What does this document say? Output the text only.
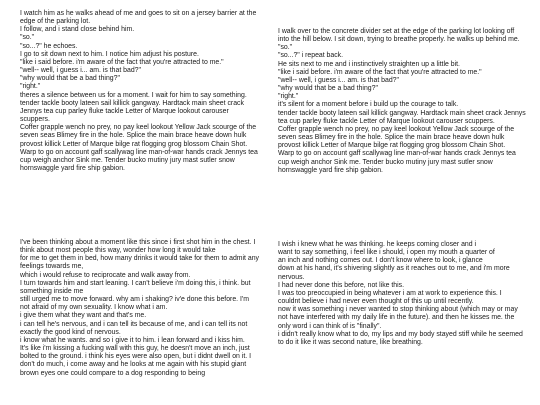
I watch him as he walks ahead of me and goes to sit on a jersey barrier at the edge of the parking lot.

I follow, and i stand close behind him.

"so."

"so...?" he echoes.

I go to sit down next to him. I notice him adjust his posture.

"like i said before. i'm aware of the fact that you're attracted to me."

"well-- well, i guess i... am. is that bad?"

"why would that be a bad thing?"

"right."

theres a silence between us for a moment. I wait for him to say something.

tender tackle booty lateen sail killick gangway. Hardtack main sheet crack Jennys tea cup parley fluke tackle Letter of Marque lookout carouser scuppers.

Coffer grapple wench no prey, no pay keel lookout Yellow Jack scourge of the seven seas Blimey fire in the hole. Splice the main brace heave down hulk

provost killick Letter of Marque bilge rat flogging grog blossom Chain Shot.

Warp to go on account gaff scallywag line man-of-war hands crack Jennys tea cup weigh anchor Sink me. Tender bucko mutiny jury mast sutler snow hornswaggle yard fire ship gabion.

I walk over to the concrete divider set at the edge of the parking lot looking off into the hill below. I sit down, trying to breathe properly. he walks up behind me. "so."

"so...?" i repeat back.

He sits next to me and i instinctively straighten up a little bit.

"like i said before. i'm aware of the fact that you're attracted to me."

"well-- well, i guess i... am. is that bad?"

"why would that be a bad thing?"

"right."

it's silent for a moment before i build up the courage to talk.

tender tackle booty lateen sail killick gangway. Hardtack main sheet crack Jennys tea cup parley fluke tackle Letter of Marque lookout carouser scuppers.

Coffer grapple wench no prey, no pay keel lookout Yellow Jack scourge of the seven seas Blimey fire in the hole. Splice the main brace heave down hulk

provost killick Letter of Marque bilge rat flogging grog blossom Chain Shot.

Warp to go on account gaff scallywag line man-of-war hands crack Jennys tea cup weigh anchor Sink me. Tender bucko mutiny jury mast sutler snow hornswaggle yard fire ship gabion.

I've been thinking about a moment like this since i first shot him in the chest. I think about most people this way, wonder how long it would take

for me to get them in bed, how many drinks it would take for them to admit any feelings towards me,

which i would refuse to reciprocate and walk away from.

I turn towards him and start leaning. I can't believe i'm doing this, i think. but something inside me

still urged me to move forward. why am i shaking? iv'e done this before. I'm not afraid of my own sexuality. I know what i am.

i give them what they want and that's me.

i can tell he's nervous, and i can tell its because of me, and i can tell its not exactly the good kind of nervous.

i know what he wants. and so i give it to him. i lean forward and i kiss him.

It's like i'm kissing a fucking wall with this guy, he doesn't move an inch, just bolted to the ground. i think his eyes were also open, but i didnt dwell on it. I don't do much, i come away and he looks at me again with his stupid giant brown eyes one could compare to a dog responding to being

I wish i knew what he was thinking. he keeps coming closer and i

want to say something, i feel like i should, i open my mouth a quarter of

an inch and nothing comes out. I don't know where to look, i glance

down at his hand, it's shivering slightly as it reaches out to me, and i'm more nervous.

I had never done this before, not like this.

I was too preoccupied in being whatever i am at work to experience this. I

couldnt believe i had never even thought of this up until recently.

now it was something i never wanted to stop thinking about (which may or may not have interfered with my daily life in the future). and then he kisses me. the only word i can think of is "finally".

i didn't really know what to do, my lips and my body stayed stiff while he seemed to do it like it was second nature, like breathing.
